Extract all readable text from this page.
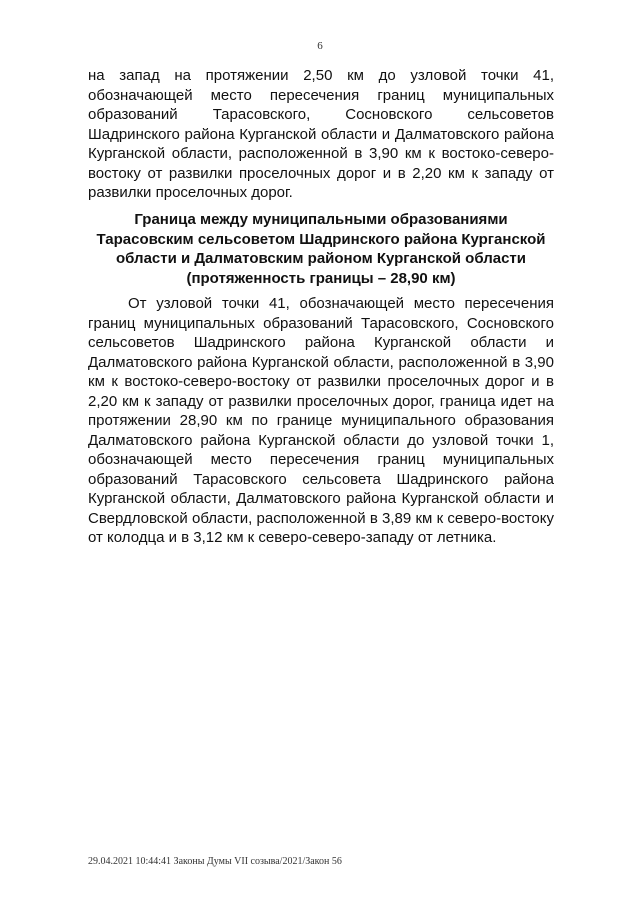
6

на запад на протяжении 2,50 км до узловой точки 41, обозначающей место пересечения границ муниципальных образований Тарасовского, Сосновского сельсоветов Шадринского района Курганской области и Далматовского района Курганской области, расположенной в 3,90 км к востоко-северо-востоку от развилки проселочных дорог и в 2,20 км к западу от развилки проселочных дорог.

Граница между муниципальными образованиями Тарасовским сельсоветом Шадринского района Курганской области и Далматовским районом Курганской области (протяженность границы – 28,90 км)

От узловой точки 41, обозначающей место пересечения границ муниципальных образований Тарасовского, Сосновского сельсоветов Шадринского района Курганской области и Далматовского района Курганской области, расположенной в 3,90 км к востоко-северо-востоку от развилки проселочных дорог и в 2,20 км к западу от развилки проселочных дорог, граница идет на протяжении 28,90 км по границе муниципального образования Далматовского района Курганской области до узловой точки 1, обозначающей место пересечения границ муниципальных образований Тарасовского сельсовета Шадринского района Курганской области, Далматовского района Курганской области и Свердловской области, расположенной в 3,89 км к северо-востоку от колодца и в 3,12 км к северо-северо-западу от летника.

29.04.2021 10:44:41 Законы Думы VII созыва/2021/Закон 56
